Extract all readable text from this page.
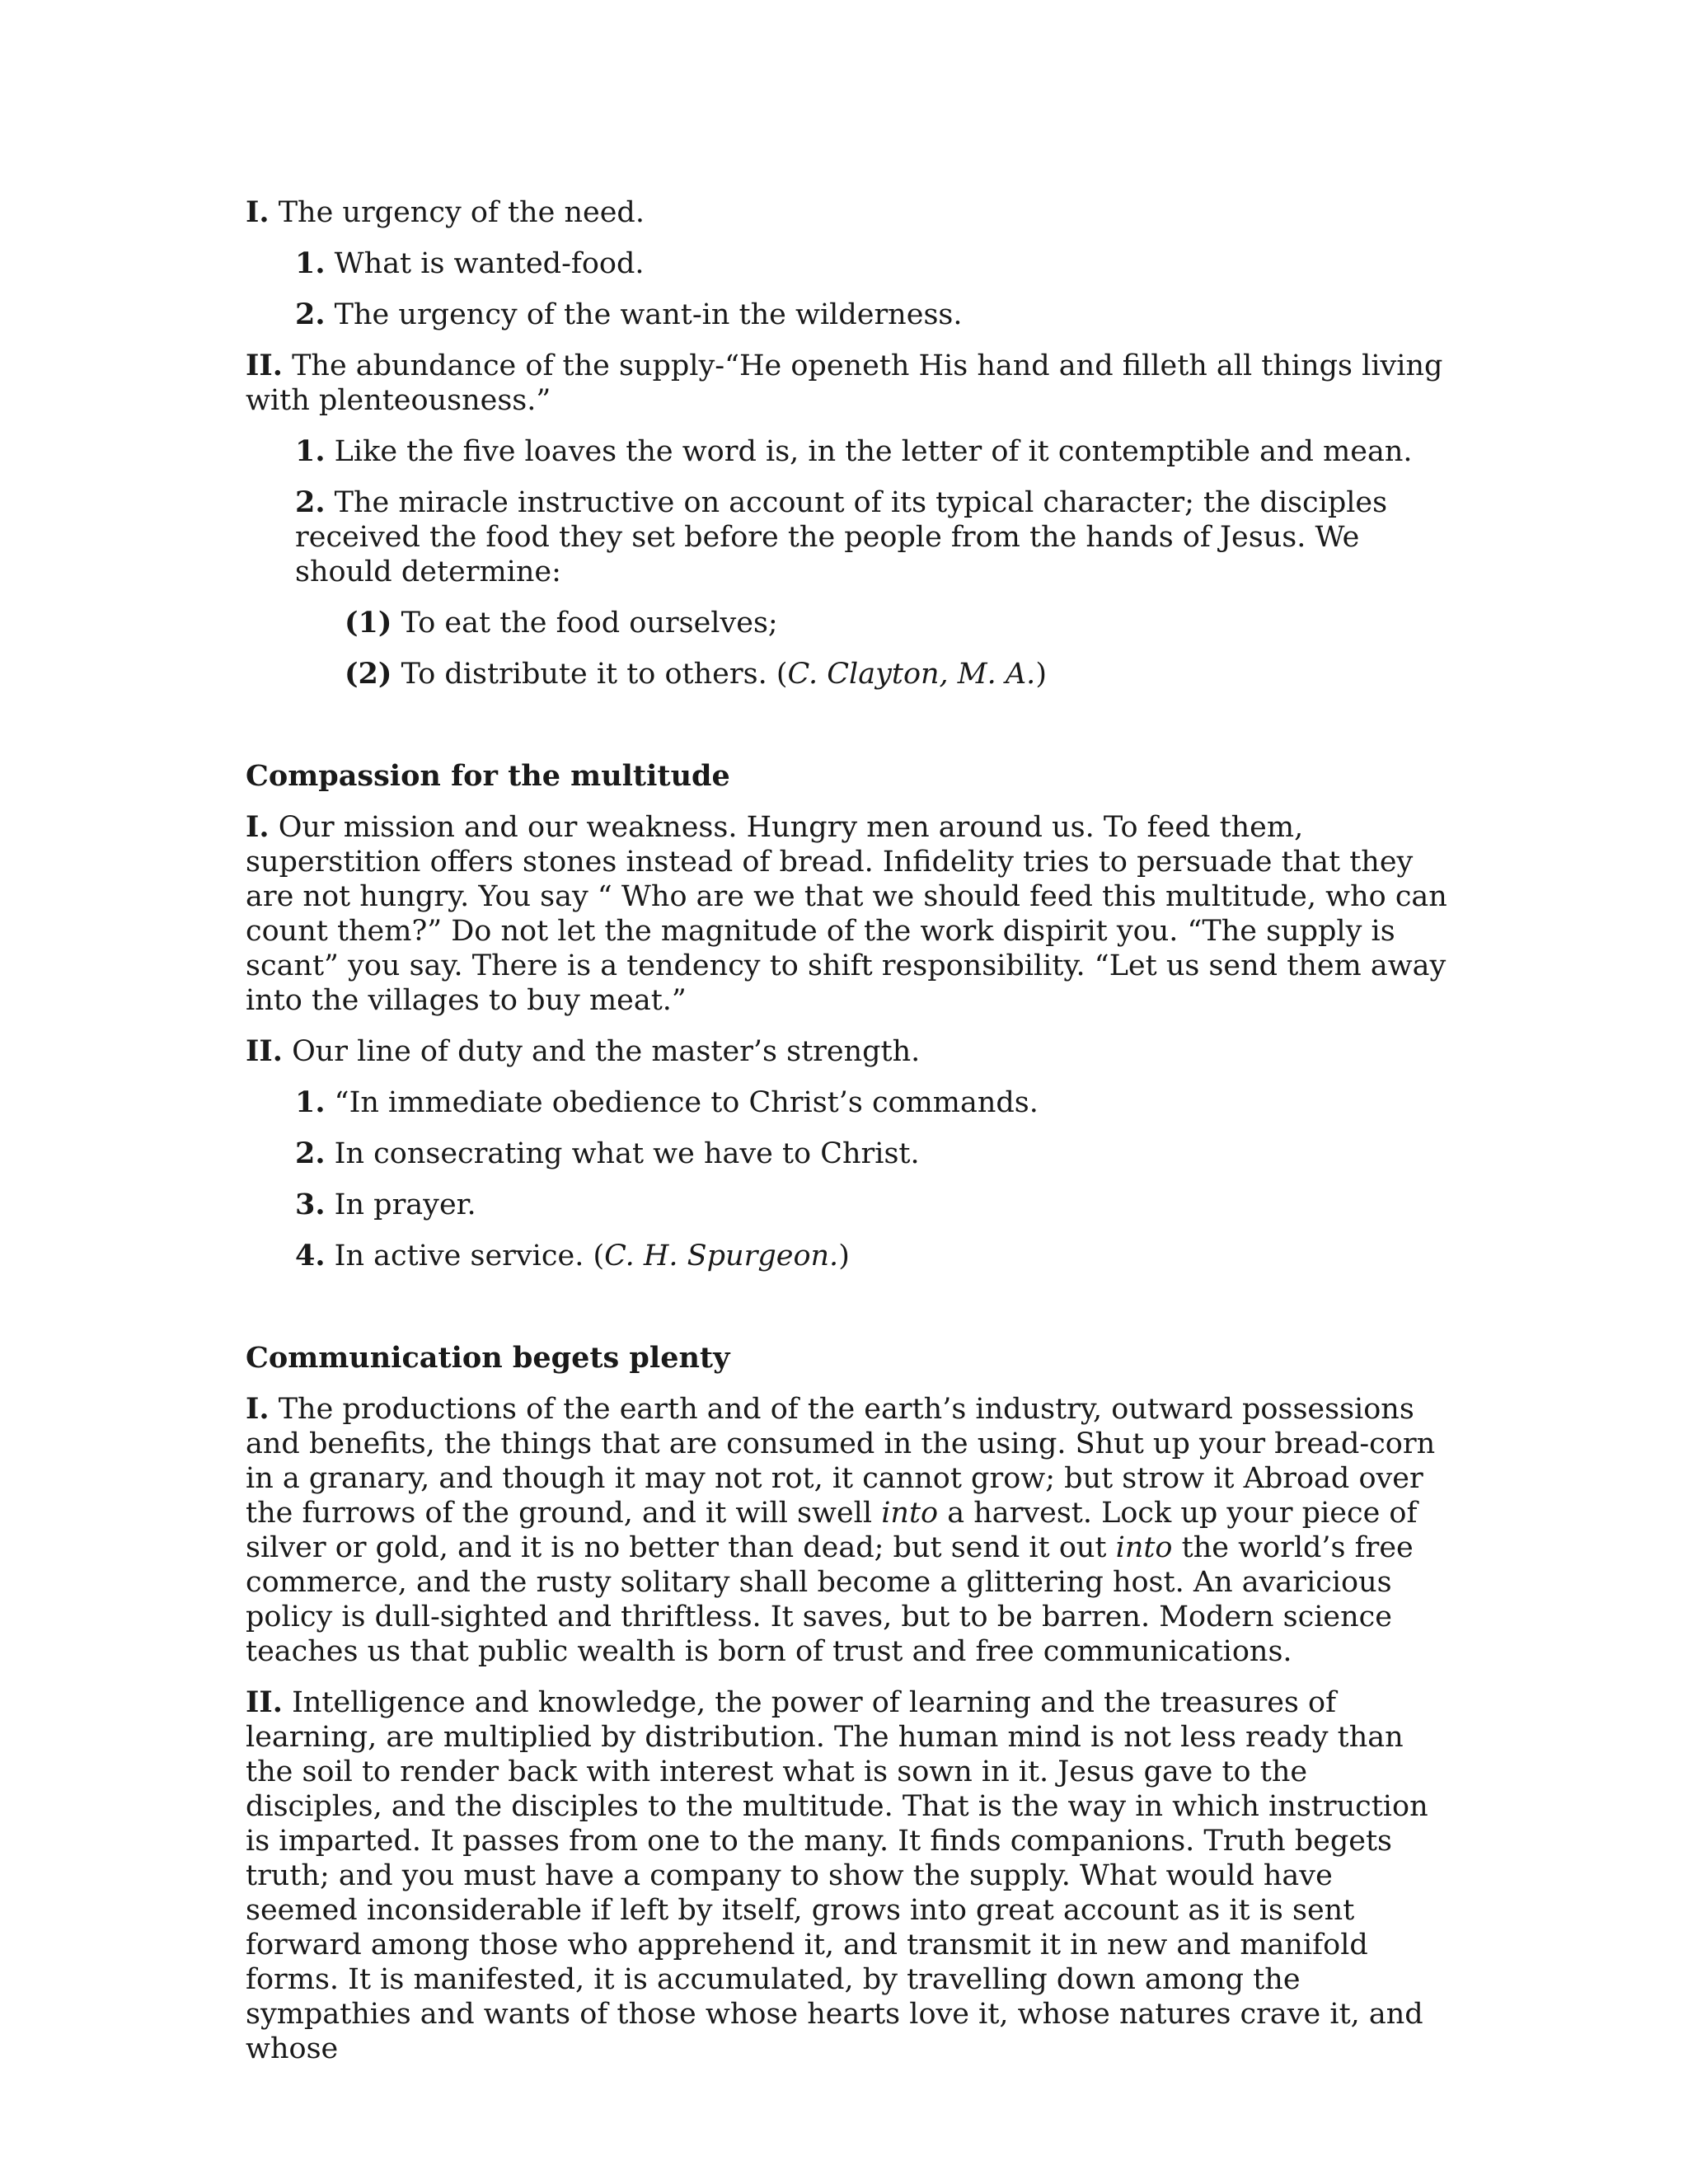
I. The urgency of the need.

1. What is wanted-food.

2. The urgency of the want-in the wilderness.

II. The abundance of the supply-“He openeth His hand and filleth all things living with plenteousness.”

1. Like the five loaves the word is, in the letter of it contemptible and mean.

2. The miracle instructive on account of its typical character; the disciples received the food they set before the people from the hands of Jesus. We should determine:

(1) To eat the food ourselves;

(2) To distribute it to others. (C. Clayton, M. A.)

Compassion for the multitude

I. Our mission and our weakness. Hungry men around us. To feed them, superstition offers stones instead of bread. Infidelity tries to persuade that they are not hungry. You say “ Who are we that we should feed this multitude, who can count them?” Do not let the magnitude of the work dispirit you. “The supply is scant” you say. There is a tendency to shift responsibility. “Let us send them away into the villages to buy meat.”

II. Our line of duty and the master’s strength.

1. “In immediate obedience to Christ’s commands.

2. In consecrating what we have to Christ.

3. In prayer.

4. In active service. (C. H. Spurgeon.)

Communication begets plenty

I. The productions of the earth and of the earth’s industry, outward possessions and benefits, the things that are consumed in the using. Shut up your bread-corn in a granary, and though it may not rot, it cannot grow; but strow it Abroad over the furrows of the ground, and it will swell into a harvest. Lock up your piece of silver or gold, and it is no better than dead; but send it out into the world’s free commerce, and the rusty solitary shall become a glittering host. An avaricious policy is dull-sighted and thriftless. It saves, but to be barren. Modern science teaches us that public wealth is born of trust and free communications.

II. Intelligence and knowledge, the power of learning and the treasures of learning, are multiplied by distribution. The human mind is not less ready than the soil to render back with interest what is sown in it. Jesus gave to the disciples, and the disciples to the multitude. That is the way in which instruction is imparted. It passes from one to the many. It finds companions. Truth begets truth; and you must have a company to show the supply. What would have seemed inconsiderable if left by itself, grows into great account as it is sent forward among those who apprehend it, and transmit it in new and manifold forms. It is manifested, it is accumulated, by travelling down among the sympathies and wants of those whose hearts love it, whose natures crave it, and whose
